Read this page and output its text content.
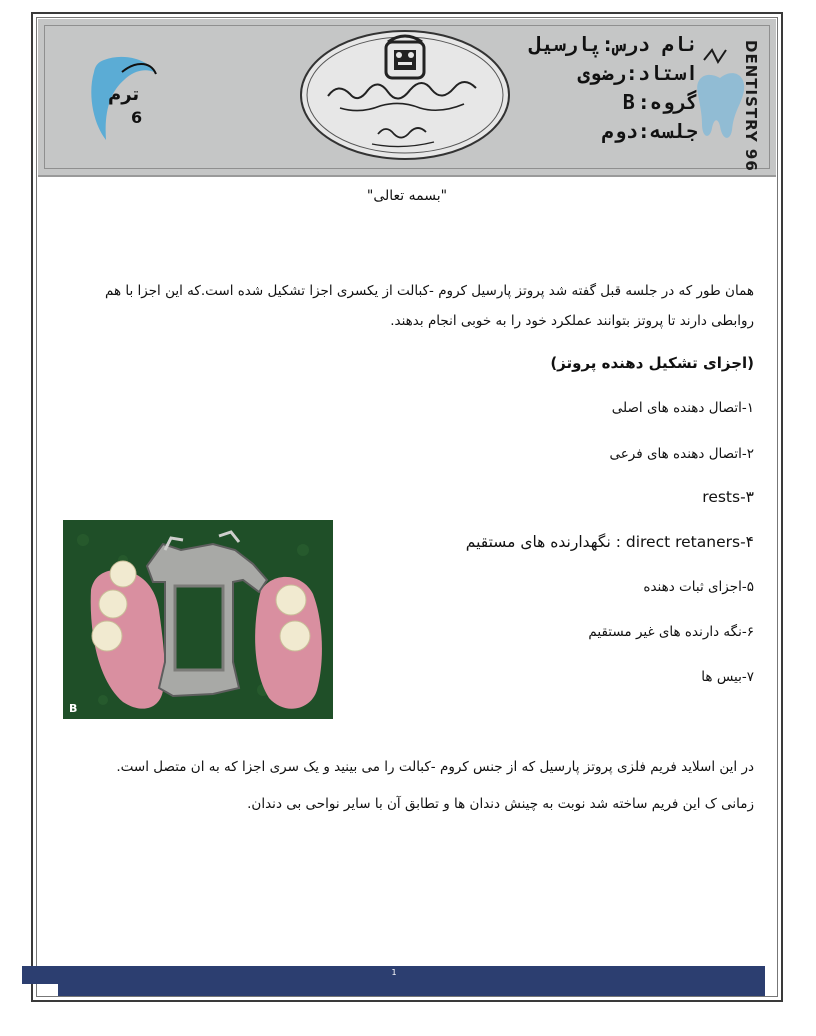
ترم
6
نام درس:پارسیل
استاد:رضوی
گروه:B
جلسه:دوم	DENTISTRY 96
"بسمه تعالی"
همان طور که در جلسه قبل گفته شد پروتز پارسیل کروم -کبالت از یکسری اجزا تشکیل شده است.که این اجزا با هم روابطی دارند تا پروتز بتوانند عملکرد خود را به خوبی انجام بدهند.
(اجزای تشکیل دهنده پروتز)
۱-اتصال دهنده های اصلی
۲-اتصال دهنده های فرعی
rests-۳
direct retaners-۴ : نگهدارنده های مستقیم
۵-اجزای ثبات دهنده
۶-نگه دارنده های غیر مستقیم
۷-بیس ها
در این اسلاید فریم فلزی پروتز پارسیل که از جنس کروم -کبالت را می بینید و یک سری اجزا که به ان متصل است.
زمانی ک این فریم ساخته شد نوبت به چینش دندان ها و تطابق آن با سایر نواحی بی دندان.
B
1
